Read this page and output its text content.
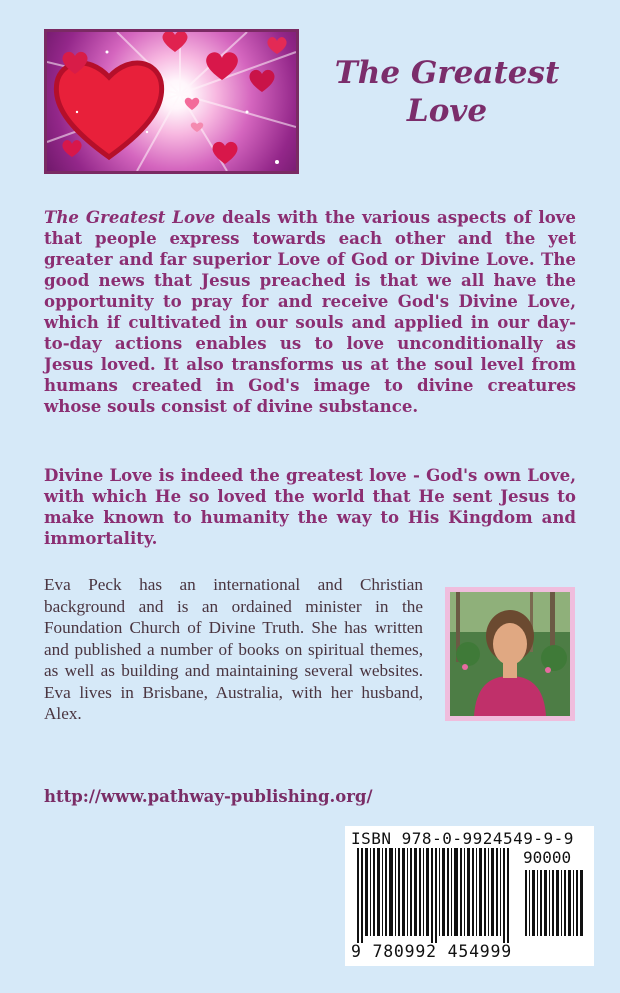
The Greatest Love

The Greatest Love deals with the various aspects of love that people express towards each other and the yet greater and far superior Love of God or Divine Love. The good news that Jesus preached is that we all have the opportunity to pray for and receive God's Divine Love, which if cultivated in our souls and applied in our day-to-day actions enables us to love unconditionally as Jesus loved. It also transforms us at the soul level from humans created in God's image to divine creatures whose souls consist of divine substance.

Divine Love is indeed the greatest love - God's own Love, with which He so loved the world that He sent Jesus to make known to humanity the way to His Kingdom and immortality.

Eva Peck has an international and Christian background and is an ordained minister in the Foundation Church of Divine Truth. She has written and published a number of books on spiritual themes, as well as building and maintaining several websites. Eva lives in Brisbane, Australia, with her husband, Alex.

http://www.pathway-publishing.org/

ISBN 978-0-9924549-9-9

90000

9 780992 454999
